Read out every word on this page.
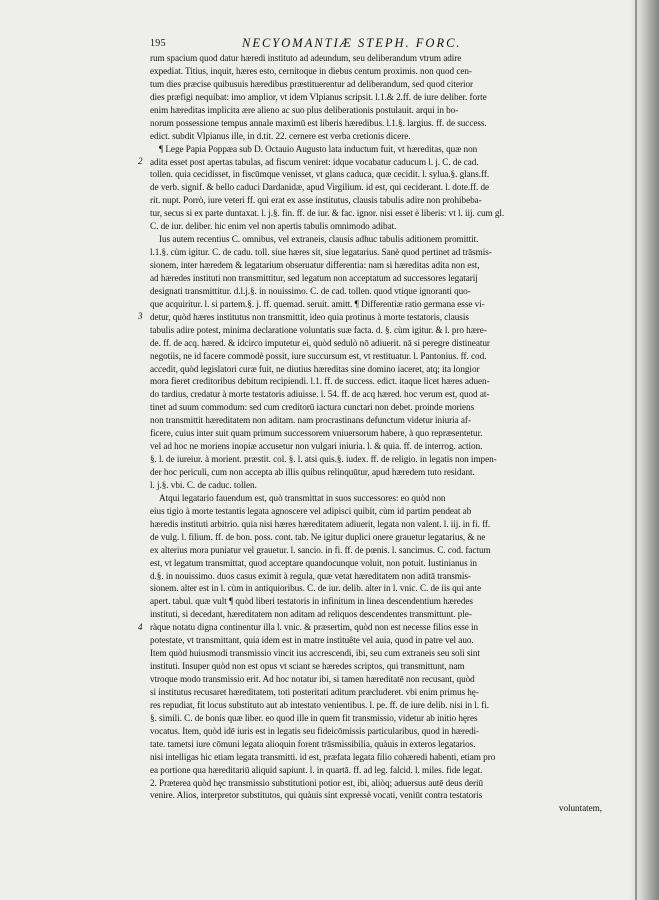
195	NECYOMANTIÆ STEPH. FORC.
2
3
4
rum spacium quod datur hæredi instituto ad adeundum, seu deliberandum vtrum adire
expediat. Titius, inquit, hæres esto, cernitoque in diebus centum proximis. non quod cen-
tum dies præcise quibusuis hæredibus præstituerentur ad deliberandum, sed quod citerior
dies præfigi nequibat: imo amplior, vt idem Vlpianus scripsit. l.1.& 2.ff. de iure deliber. forte
enim hæreditas implicita ære alieno ac suo plus deliberationis postulauit. arqui in bo-
norum possessione tempus annale maximū est liberis hæredibus. l.1.§. largius. ff. de success.
edict. subdit Vlpianus ille, in d.tit. 22. cernere est verba cretionis dicere.
¶ Lege Papia Poppæa sub D. Octauio Augusto lata inductum fuit, vt hæreditas, quæ non
adita esset post apertas tabulas, ad fiscum veniret: idque vocabatur caducum l. j. C. de cad.
tollen. quia cecidisset, in fiscūmque venisset, vt glans caduca, quæ cecidit. l. sylua.§. glans.ff.
de verb. signif. & bello caduci Dardanidæ, apud Virgilium. id est, qui ceciderant. l. dote.ff. de
rit. nupt. Porrò, iure veteri ff. qui erat ex asse institutus, clausis tabulis adire non prohibeba-
tur, secus si ex parte duntaxat. l. j.§. fin. ff. de iur. & fac. ignor. nisi esset è liberis: vt l. iij. cum gl.
C. de iur. deliber. hic enim vel non apertis tabulis omnimodo adibat.
Ius autem recentius C. omnibus, vel extraneis, clausis adhuc tabulis aditionem promittit.
l.1.§. cùm igitur. C. de cadu. toll. siue hæres sit, siue legatarius. Sanè quod pertinet ad trāsmis-
sionem, inter hæredem & legatarium obseruatur differentia: nam si hæreditas adita non est,
ad hæredes instituti non transmittitur, sed legatum non acceptatum ad successores legatarij
designati transmittitur. d.l.j.§. in nouissimo. C. de cad. tollen. quod vtique ignoranti quo-
que acquiritur. l. si partem.§. j. ff. quemad. seruit. amitt. ¶ Differentiæ ratio germana esse vi-
detur, quòd hæres institutus non transmittit, ideo quia protinus à morte testatoris, clausis
tabulis adire potest, minima declaratione voluntatis suæ facta. d. §. cùm igitur. & l. pro hære-
de. ff. de acq. hæred. & idcirco imputetur ei, quòd sedulò nō adiuerit. nā si peregre distineatur
negotiis, ne id facere commodè possit, iure succursum est, vt restituatur. l. Pantonius. ff. cod.
accedit, quòd legislatori curæ fuit, ne diutius hæreditas sine domino iaceret, atq; ita longior
mora fieret creditoribus debitum recipiendi. l.1. ff. de success. edict. itaque licet hæres aduen-
do tardius, credatur à morte testatoris adiuisse. l. 54. ff. de acq hæred. hoc verum est, quod at-
tinet ad suum commodum: sed cum creditorū iactura cunctari non debet. proinde moriens
non transmittit hæreditatem non aditam. nam procrastinans defunctum videtur iniuria af-
ficere, cuius inter suit quam primum successorem vniuersorum habere, à quo repræsentetur.
vel ad hoc ne moriens inopiæ accusetur non vulgari iniuria. l. & quia. ff. de interrog. action.
§. l. de iureiur. à morient. præstit. col. §. l. atsi quis.§. iudex. ff. de religio. in legatis non impen-
der hoc periculi, cum non accepta ab illis quibus relinquūtur, apud hæredem tuto residant.
l. j.§. vbi. C. de caduc. tollen.
Atqui legatario fauendum est, quò transmittat in suos successores: eo quòd non
eius tigio à morte testantis legata agnoscere vel adipisci quibit, cùm id partim pendeat ab
hæredis instituti arbitrio. quia nisi hæres hæreditatem adiuerit, legata non valent. l. iij. in fi. ff.
de vulg. l. filium. ff. de bon. poss. cont. tab. Ne igitur duplici onere grauetur legatarius, & ne
ex alterius mora puniatur vel grauetur. l. sancio. in fi. ff. de pœnis. l. sancimus. C. cod. factum
est, vt legatum transmittat, quod acceptare quandocunque voluit, non potuit. Iustinianus in
d.§. in nouissimo. duos casus eximit à regula, quæ vetat hæreditatem non aditā transmis-
sionem. alter est in l. cùm in antiquioribus. C. de iur. delib. alter in l. vnic. C. de iis qui ante
apert. tabul. quæ vult ¶ quòd liberi testatoris in infinitum in linea descendentium hæredes
instituti, si decedant, hæreditatem non aditam ad reliquos descendentes transmittunt. ple-
ràque notatu digna continentur illa l. vnic. & præsertim, quòd non est necesse filios esse in
potestate, vt transmittant, quia idem est in matre instituête vel auia, quod in patre vel auo.
Item quòd huiusmodi transmissio vincit ius accrescendi, ibi, seu cum extraneis seu soli sint
instituti. Insuper quòd non est opus vt sciant se hæredes scriptos, qui transmittunt, nam
vtroque modo transmissio erit. Ad hoc notatur ibi, si tamen hæreditatē non recusant, quòd
si institutus recusaret hæreditatem, toti posteritati aditum præcluderet. vbi enim primus hę-
res repudiat, fit locus substituto aut ab intestato venientibus. l. pe. ff. de iure delib. nisi in l. fi.
§. simili. C. de bonis quæ liber. eo quod ille in quem fit transmissio, videtur ab initio hęres
vocatus. Item, quòd idē iuris est in legatis seu fideicōmissis particularibus, quod in hæredi-
tate. tametsi iure cōmuni legata alioquin forent trāsmissibilia, quàuis in exteros legatarios.
nisi intelligas hic etiam legata transmitti. id est, præfata legata filio cohæredi habenti, etiam pro
ea portione qua hæreditariū aliquid sapiunt. l. in quartā. ff. ad leg. falcid. l. miles. fide legat.
2. Præterea quòd hęc transmissio substitutioni potior est, ibi, aliòq; aduersus autē deus deriū
venire. Alios, interpretor substitutos, qui quàuis sint expressè vocati, veniūt contra testatoris
voluntatem,
